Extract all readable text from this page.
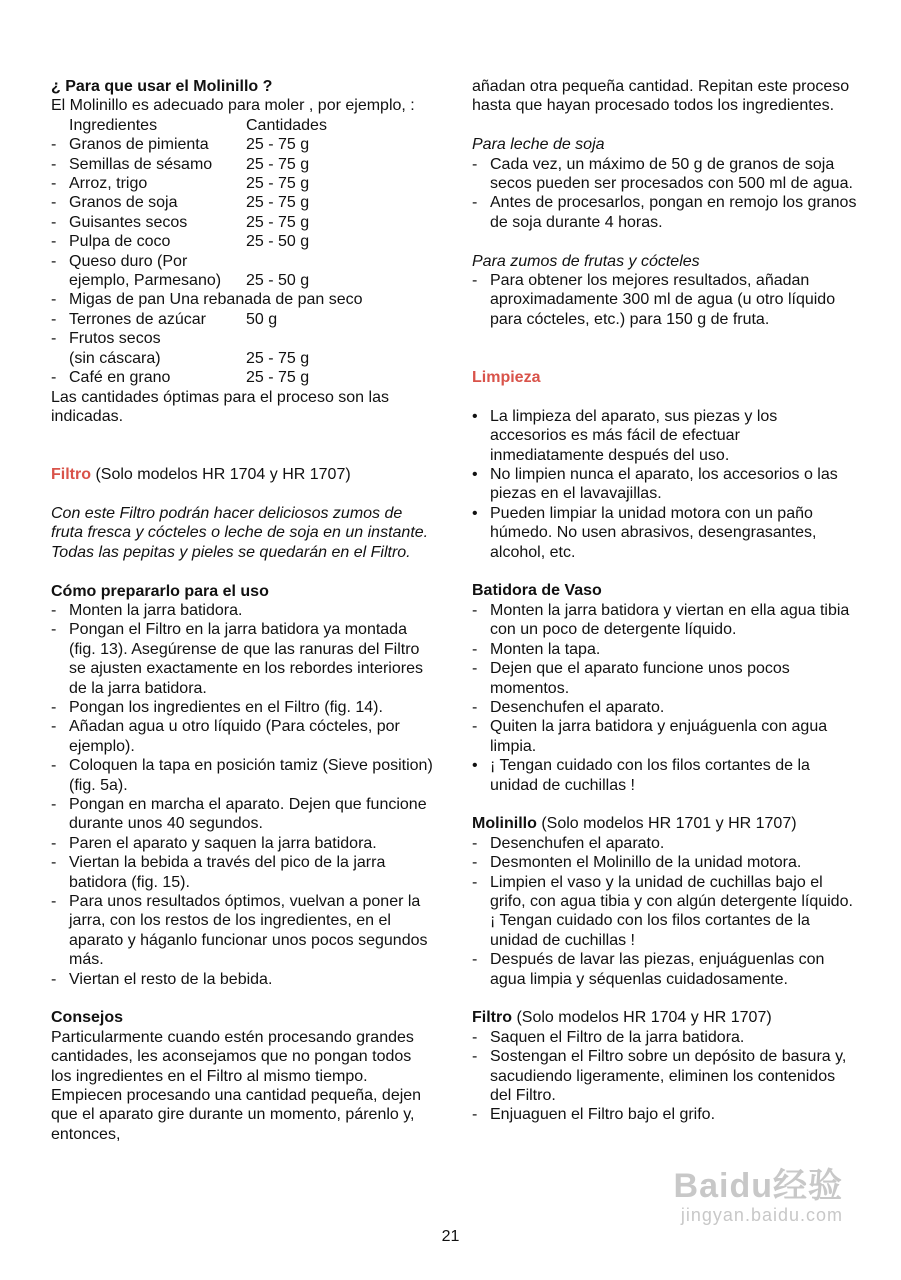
¿ Para que usar el Molinillo ?

El Molinillo es adecuado para moler , por ejemplo, :

Ingredientes	Cantidades
- Granos de pimienta	25 - 75 g
- Semillas de sésamo	25 - 75 g
- Arroz, trigo	25 - 75 g
- Granos de soja	25 - 75 g
- Guisantes secos	25 - 75 g
- Pulpa de coco	25 - 50 g
- Queso duro (Por
ejemplo, Parmesano)	25 - 50 g
- Migas de pan Una rebanada de pan seco
- Terrones de azúcar	50 g
- Frutos secos
(sin cáscara)	25 - 75 g
- Café en grano	25 - 75 g

Las cantidades óptimas para el proceso son las indicadas.

Filtro (Solo modelos HR 1704 y HR 1707)

Con este Filtro podrán hacer deliciosos zumos de fruta fresca y cócteles o leche de soja en un instante. Todas las pepitas y pieles se quedarán en el Filtro.

Cómo prepararlo para el uso

- Monten la jarra batidora.
- Pongan el Filtro en la jarra batidora ya montada (fig. 13). Asegúrense de que las ranuras del Filtro se ajusten exactamente en los rebordes interiores de la jarra batidora.
- Pongan los ingredientes en el Filtro (fig. 14).
- Añadan agua u otro líquido (Para cócteles, por ejemplo).
- Coloquen la tapa en posición tamiz (Sieve position)(fig. 5a).
- Pongan en marcha el aparato. Dejen que funcione durante unos 40 segundos.
- Paren el aparato y saquen la jarra batidora.
- Viertan la bebida a través del pico de la jarra batidora (fig. 15).
- Para unos resultados óptimos, vuelvan a poner la jarra, con los restos de los ingredientes, en el aparato y háganlo funcionar unos pocos segundos más.
- Viertan el resto de la bebida.

Consejos

Particularmente cuando estén procesando grandes cantidades, les aconsejamos que no pongan todos los ingredientes en el Filtro al mismo tiempo. Empiecen procesando una cantidad pequeña, dejen que el aparato gire durante un momento, párenlo y, entonces,

añadan otra pequeña cantidad. Repitan este proceso hasta que hayan procesado todos los ingredientes.

Para leche de soja

- Cada vez, un máximo de 50 g de granos de soja secos pueden ser procesados con 500 ml de agua.
- Antes de procesarlos, pongan en remojo los granos de soja durante 4 horas.

Para zumos de frutas y cócteles

- Para obtener los mejores resultados, añadan aproximadamente 300 ml de agua (u otro líquido para cócteles, etc.) para 150 g de fruta.

Limpieza

• La limpieza del aparato, sus piezas y los accesorios es más fácil de efectuar inmediatamente después del uso.
• No limpien nunca el aparato, los accesorios o las piezas en el lavavajillas.
• Pueden limpiar la unidad motora con un paño húmedo. No usen abrasivos, desengrasantes, alcohol, etc.

Batidora de Vaso

- Monten la jarra batidora y viertan en ella agua tibia con un poco de detergente líquido.
- Monten la tapa.
- Dejen que el aparato funcione unos pocos momentos.
- Desenchufen el aparato.
- Quiten la jarra batidora y enjuáguenla con agua limpia.
• ¡ Tengan cuidado con los filos cortantes de la unidad de cuchillas !

Molinillo (Solo modelos HR 1701 y HR 1707)

- Desenchufen el aparato.
- Desmonten el Molinillo de la unidad motora.
- Limpien el vaso y la unidad de cuchillas bajo el grifo, con agua tibia y con algún detergente líquido.
¡ Tengan cuidado con los filos cortantes de la unidad de cuchillas !
- Después de lavar las piezas, enjuáguenlas con agua limpia y séquenlas cuidadosamente.

Filtro (Solo modelos HR 1704 y HR 1707)

- Saquen el Filtro de la jarra batidora.
- Sostengan el Filtro sobre un depósito de basura y, sacudiendo ligeramente, eliminen los contenidos del Filtro.
- Enjuaguen el Filtro bajo el grifo.
Baidu经验
jingyan.baidu.com
21
